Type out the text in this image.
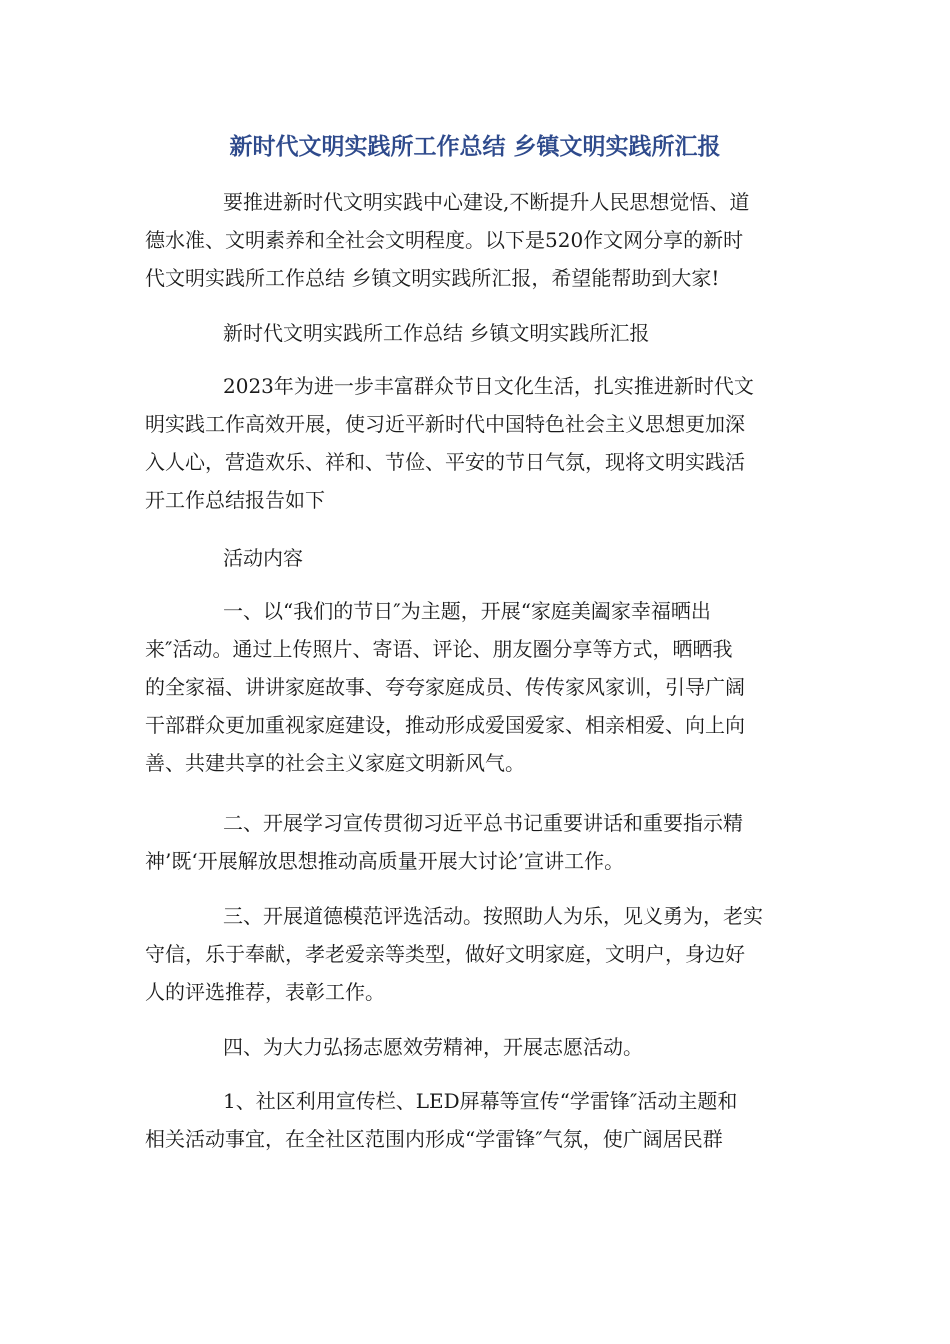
新时代文明实践所工作总结 乡镇文明实践所汇报
要推进新时代文明实践中心建设,不断提升人民思想觉悟、道
德水准、文明素养和全社会文明程度。以下是520作文网分享的新时
代文明实践所工作总结 乡镇文明实践所汇报，希望能帮助到大家!
新时代文明实践所工作总结 乡镇文明实践所汇报
2023年为进一步丰富群众节日文化生活，扎实推进新时代文
明实践工作高效开展，使习近平新时代中国特色社会主义思想更加深
入人心，营造欢乐、祥和、节俭、平安的节日气氛，现将文明实践活
开工作总结报告如下
活动内容
一、以“我们的节日″为主题，开展“家庭美阖家幸福晒出
来″活动。通过上传照片、寄语、评论、朋友圈分享等方式，晒晒我
的全家福、讲讲家庭故事、夸夸家庭成员、传传家风家训，引导广阔
干部群众更加重视家庭建设，推动形成爱国爱家、相亲相爱、向上向
善、共建共享的社会主义家庭文明新风气。
二、开展学习宣传贯彻习近平总书记重要讲话和重要指示精
神’既‘开展解放思想推动高质量开展大讨论’宣讲工作。
三、开展道德模范评选活动。按照助人为乐，见义勇为，老实
守信，乐于奉献，孝老爱亲等类型，做好文明家庭，文明户，身边好
人的评选推荐，表彰工作。
四、为大力弘扬志愿效劳精神，开展志愿活动。
1、社区利用宣传栏、LED屏幕等宣传“学雷锋″活动主题和
相关活动事宜，在全社区范围内形成“学雷锋″气氛，使广阔居民群
